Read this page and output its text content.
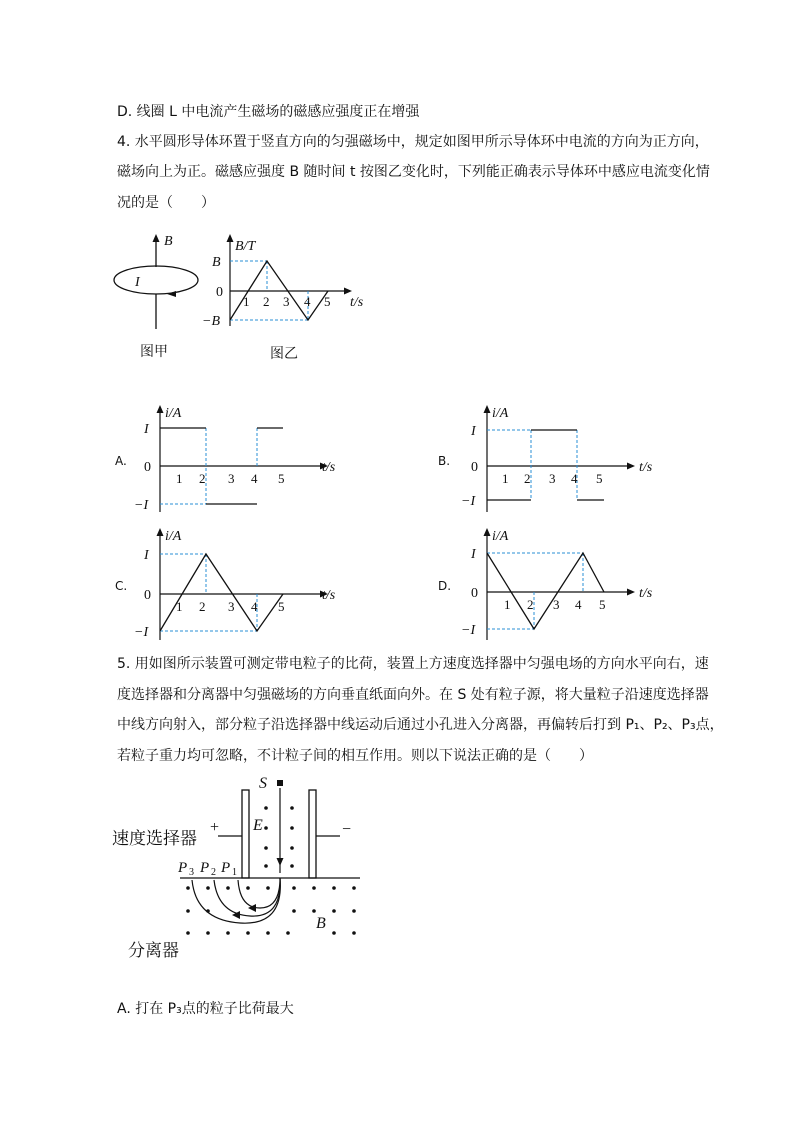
D. 线圈 L 中电流产生磁场的磁感应强度正在增强
4. 水平圆形导体环置于竖直方向的匀强磁场中，规定如图甲所示导体环中电流的方向为正方向，
磁场向上为正。磁感应强度 B 随时间 t 按图乙变化时，下列能正确表示导体环中感应电流变化情
况的是（　　）
B
I
图甲
B/T
B
0
−B
t/s
1 2 3 4 5
图乙
A.
i/A
I
0
−I
t/s
1 2 3 4 5
B.
i/A
I
0
−I
t/s
1 2 3 4 5
C.
i/A
I
0
−I
t/s
1 2 3 4 5
D.
i/A
I
0
−I
t/s
1 2 3 4 5
5. 用如图所示装置可测定带电粒子的比荷，装置上方速度选择器中匀强电场的方向水平向右，速
度选择器和分离器中匀强磁场的方向垂直纸面向外。在 S 处有粒子源，将大量粒子沿速度选择器
中线方向射入，部分粒子沿选择器中线运动后通过小孔进入分离器，再偏转后打到 P₁、P₂、P₃点，
若粒子重力均可忽略，不计粒子间的相互作用。则以下说法正确的是（　　）
S
E
+	−
B
P 3 P 2 P 1
速度选择器
分离器
A. 打在 P₃点的粒子比荷最大
